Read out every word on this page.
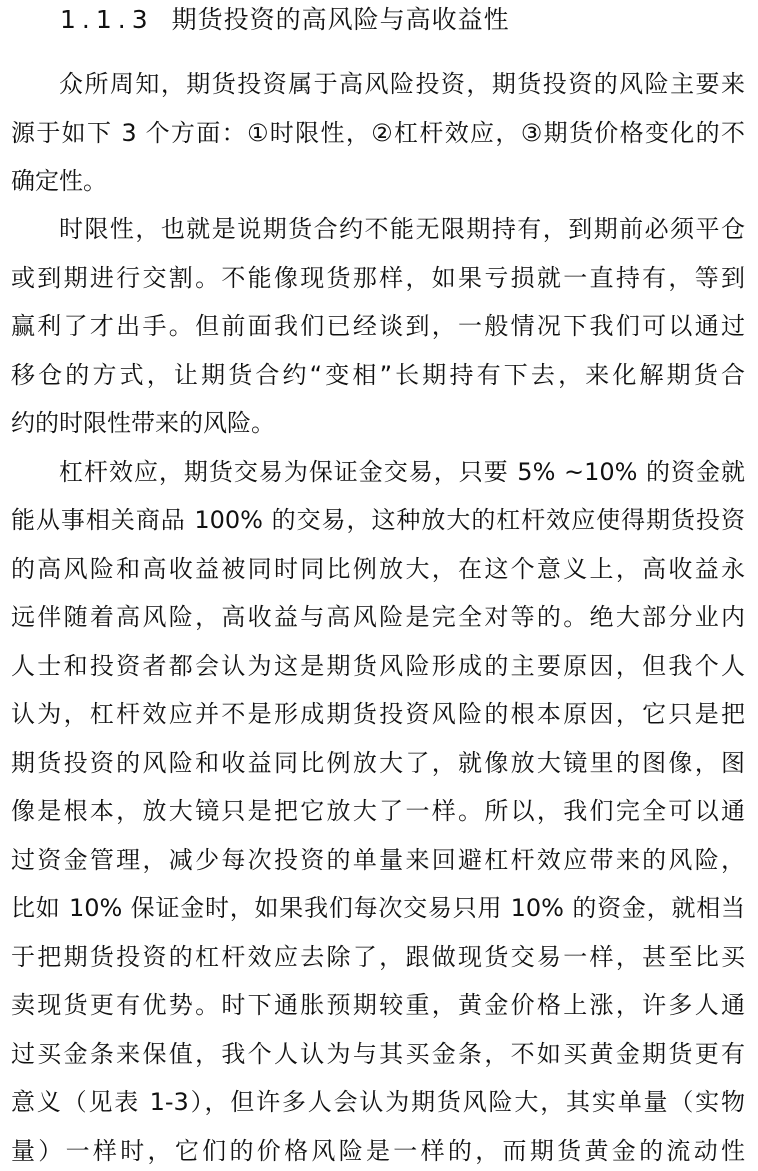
1.1.3 期货投资的高风险与高收益性
众所周知，期货投资属于高风险投资，期货投资的风险主要来
源于如下 3 个方面：①时限性，②杠杆效应，③期货价格变化的不
确定性。
时限性，也就是说期货合约不能无限期持有，到期前必须平仓
或到期进行交割。不能像现货那样，如果亏损就一直持有，等到
赢利了才出手。但前面我们已经谈到，一般情况下我们可以通过
移仓的方式，让期货合约“变相”长期持有下去，来化解期货合
约的时限性带来的风险。
杠杆效应，期货交易为保证金交易，只要 5% ~10% 的资金就
能从事相关商品 100% 的交易，这种放大的杠杆效应使得期货投资
的高风险和高收益被同时同比例放大，在这个意义上，高收益永
远伴随着高风险，高收益与高风险是完全对等的。绝大部分业内
人士和投资者都会认为这是期货风险形成的主要原因，但我个人
认为，杠杆效应并不是形成期货投资风险的根本原因，它只是把
期货投资的风险和收益同比例放大了，就像放大镜里的图像，图
像是根本，放大镜只是把它放大了一样。所以，我们完全可以通
过资金管理，减少每次投资的单量来回避杠杆效应带来的风险，
比如 10% 保证金时，如果我们每次交易只用 10% 的资金，就相当
于把期货投资的杠杆效应去除了，跟做现货交易一样，甚至比买
卖现货更有优势。时下通胀预期较重，黄金价格上涨，许多人通
过买金条来保值，我个人认为与其买金条，不如买黄金期货更有
意义（见表 1-3），但许多人会认为期货风险大，其实单量（实物
量）一样时，它们的价格风险是一样的，而期货黄金的流动性
